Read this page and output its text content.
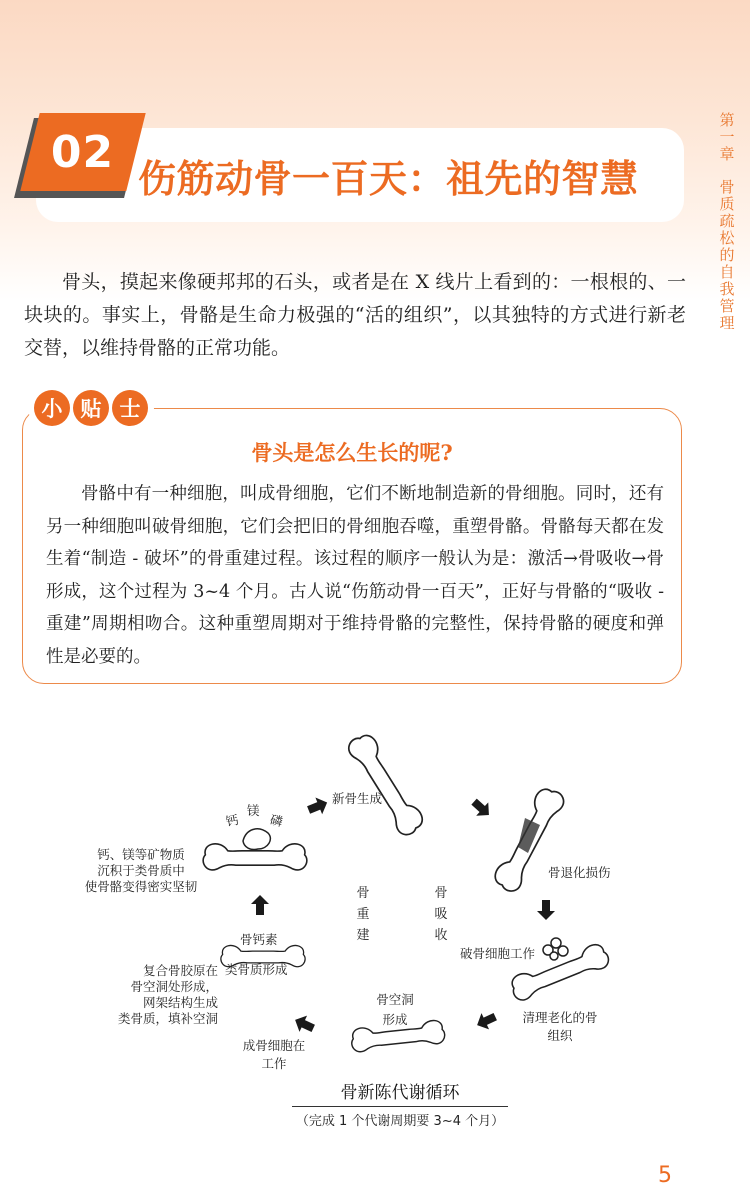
第一章
骨质疏松的自我管理
02
伤筋动骨一百天：祖先的智慧

骨头，摸起来像硬邦邦的石头，或者是在 X 线片上看到的：一根根的、一块块的。事实上，骨骼是生命力极强的“活的组织”，以其独特的方式进行新老交替，以维持骨骼的正常功能。

小 贴 士
骨头是怎么生长的呢?

骨骼中有一种细胞，叫成骨细胞，它们不断地制造新的骨细胞。同时，还有另一种细胞叫破骨细胞，它们会把旧的骨细胞吞噬，重塑骨骼。骨骼每天都在发生着“制造 - 破坏”的骨重建过程。该过程的顺序一般认为是：激活→骨吸收→骨形成，这个过程为 3~4 个月。古人说“伤筋动骨一百天”，正好与骨骼的“吸收 - 重建”周期相吻合。这种重塑周期对于维持骨骼的完整性，保持骨骼的硬度和弹性是必要的。

新骨生成
钙
镁
磷
钙、镁等矿物质
沉积于类骨质中
使骨骼变得密实坚韧
骨退化损伤
骨重建
骨吸收
骨钙素
类骨质形成
复合骨胶原在
骨空洞处形成，
网架结构生成
类骨质，填补空洞
破骨细胞工作
骨空洞
形成	清理老化的骨
组织
成骨细胞在
工作
骨新陈代谢循环
（完成 1 个代谢周期要 3~4 个月）
5
